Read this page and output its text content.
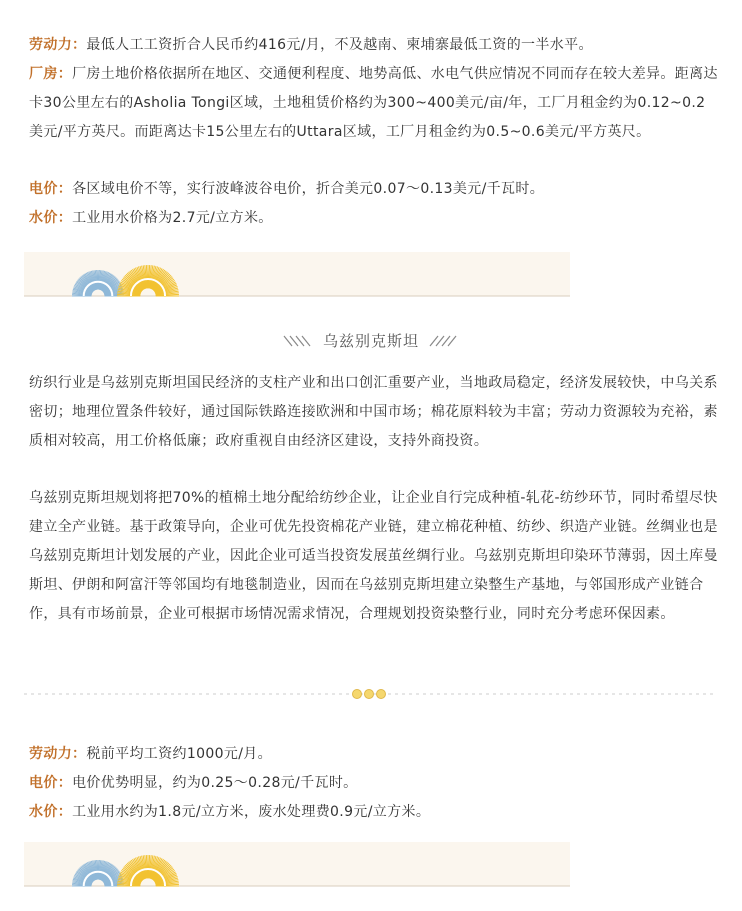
劳动力：最低人工工资折合人民币约416元/月，不及越南、柬埔寨最低工资的一半水平。
厂房：厂房土地价格依据所在地区、交通便利程度、地势高低、水电气供应情况不同而存在较大差异。距离达卡30公里左右的Asholia Tongi区域，土地租赁价格约为300~400美元/亩/年，工厂月租金约为0.12~0.2美元/平方英尺。而距离达卡15公里左右的Uttara区域，工厂月租金约为0.5~0.6美元/平方英尺。
电价：各区域电价不等，实行波峰波谷电价，折合美元0.07～0.13美元/千瓦时。
水价：工业用水价格为2.7元/立方米。
乌兹别克斯坦
纺织行业是乌兹别克斯坦国民经济的支柱产业和出口创汇重要产业，当地政局稳定，经济发展较快，中乌关系密切；地理位置条件较好，通过国际铁路连接欧洲和中国市场；棉花原料较为丰富；劳动力资源较为充裕，素质相对较高，用工价格低廉；政府重视自由经济区建设，支持外商投资。
乌兹别克斯坦规划将把70%的植棉土地分配给纺纱企业，让企业自行完成种植-轧花-纺纱环节，同时希望尽快建立全产业链。基于政策导向，企业可优先投资棉花产业链，建立棉花种植、纺纱、织造产业链。丝绸业也是乌兹别克斯坦计划发展的产业，因此企业可适当投资发展茧丝绸行业。乌兹别克斯坦印染环节薄弱，因土库曼斯坦、伊朗和阿富汗等邻国均有地毯制造业，因而在乌兹别克斯坦建立染整生产基地，与邻国形成产业链合作，具有市场前景，企业可根据市场情况需求情况，合理规划投资染整行业，同时充分考虑环保因素。
劳动力：税前平均工资约1000元/月。
电价：电价优势明显，约为0.25～0.28元/千瓦时。
水价：工业用水约为1.8元/立方米，废水处理费0.9元/立方米。
